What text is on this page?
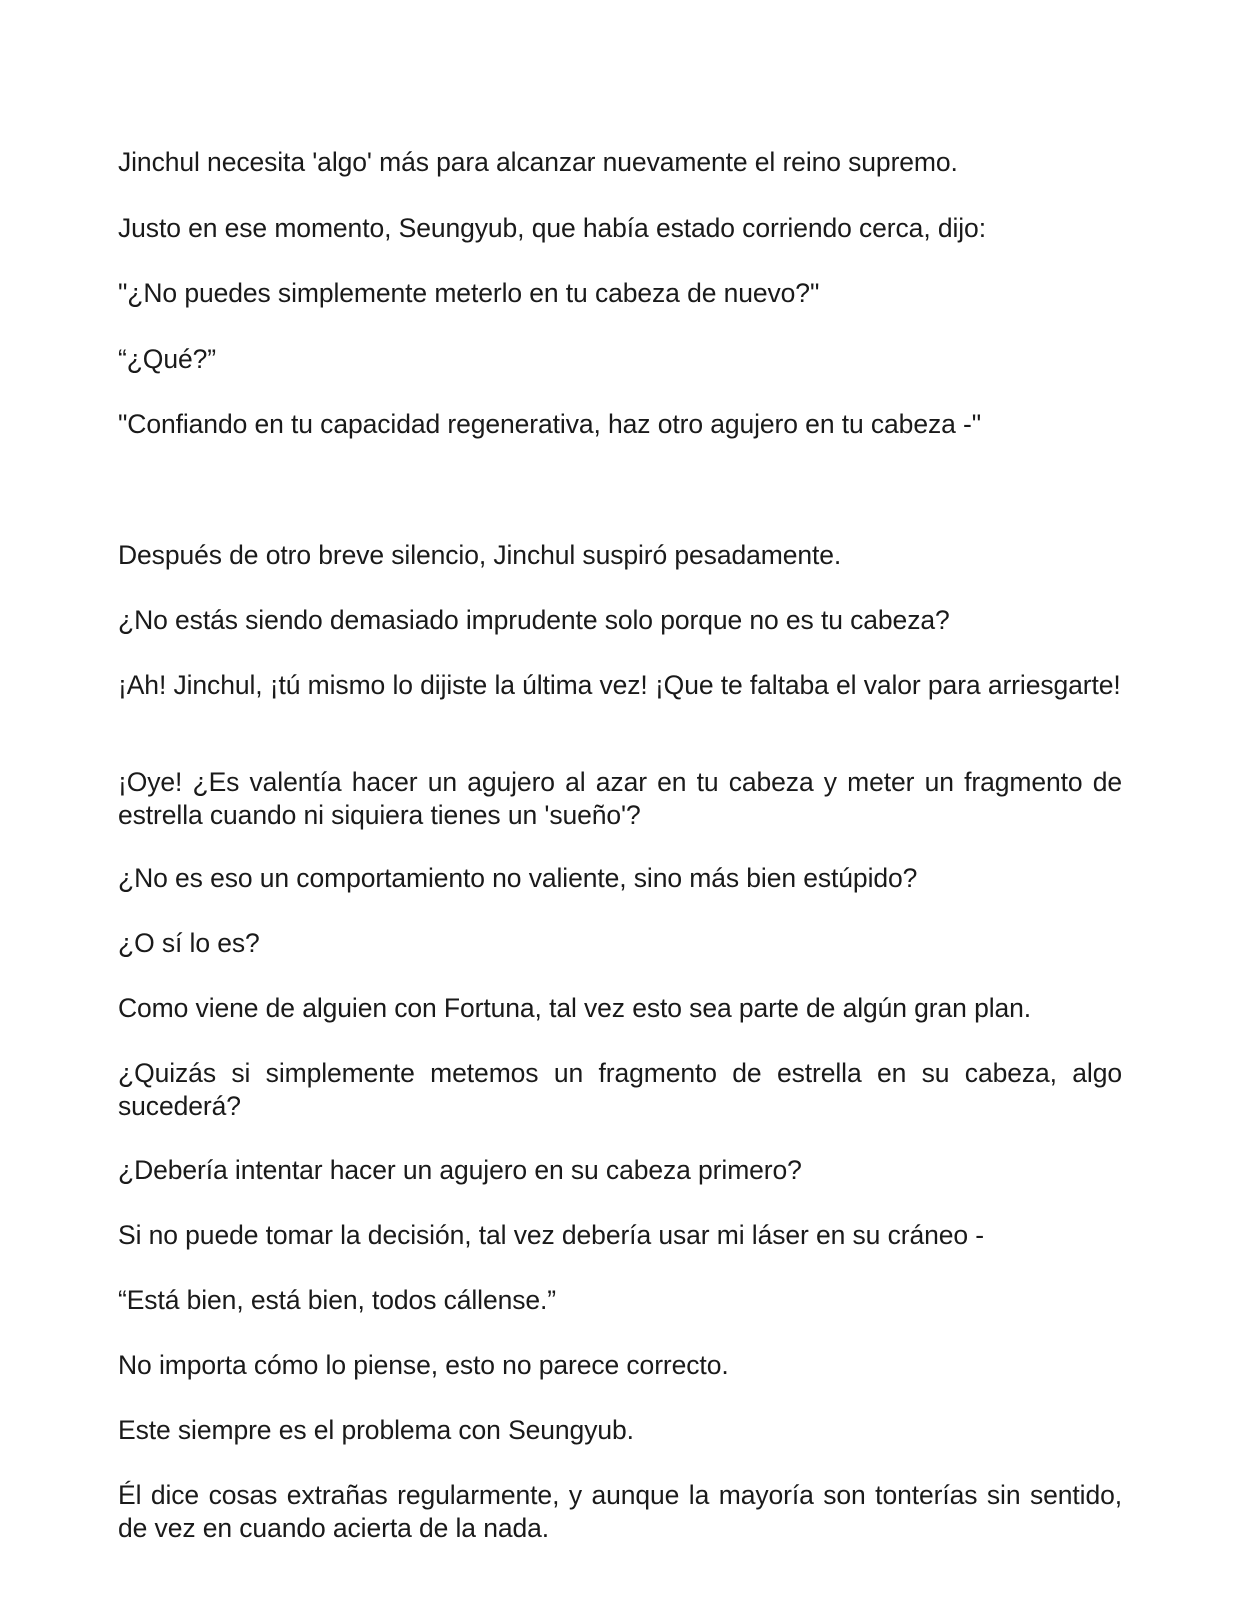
Jinchul necesita 'algo' más para alcanzar nuevamente el reino supremo.

Justo en ese momento, Seungyub, que había estado corriendo cerca, dijo:

"¿No puedes simplemente meterlo en tu cabeza de nuevo?"

“¿Qué?”

"Confiando en tu capacidad regenerativa, haz otro agujero en tu cabeza -"

Después de otro breve silencio, Jinchul suspiró pesadamente.

¿No estás siendo demasiado imprudente solo porque no es tu cabeza?

¡Ah! Jinchul, ¡tú mismo lo dijiste la última vez! ¡Que te faltaba el valor para arriesgarte!

¡Oye! ¿Es valentía hacer un agujero al azar en tu cabeza y meter un fragmento de estrella cuando ni siquiera tienes un 'sueño'?

¿No es eso un comportamiento no valiente, sino más bien estúpido?

¿O sí lo es?

Como viene de alguien con Fortuna, tal vez esto sea parte de algún gran plan.

¿Quizás si simplemente metemos un fragmento de estrella en su cabeza, algo sucederá?

¿Debería intentar hacer un agujero en su cabeza primero?

Si no puede tomar la decisión, tal vez debería usar mi láser en su cráneo -

“Está bien, está bien, todos cállense.”

No importa cómo lo piense, esto no parece correcto.

Este siempre es el problema con Seungyub.

Él dice cosas extrañas regularmente, y aunque la mayoría son tonterías sin sentido, de vez en cuando acierta de la nada.
